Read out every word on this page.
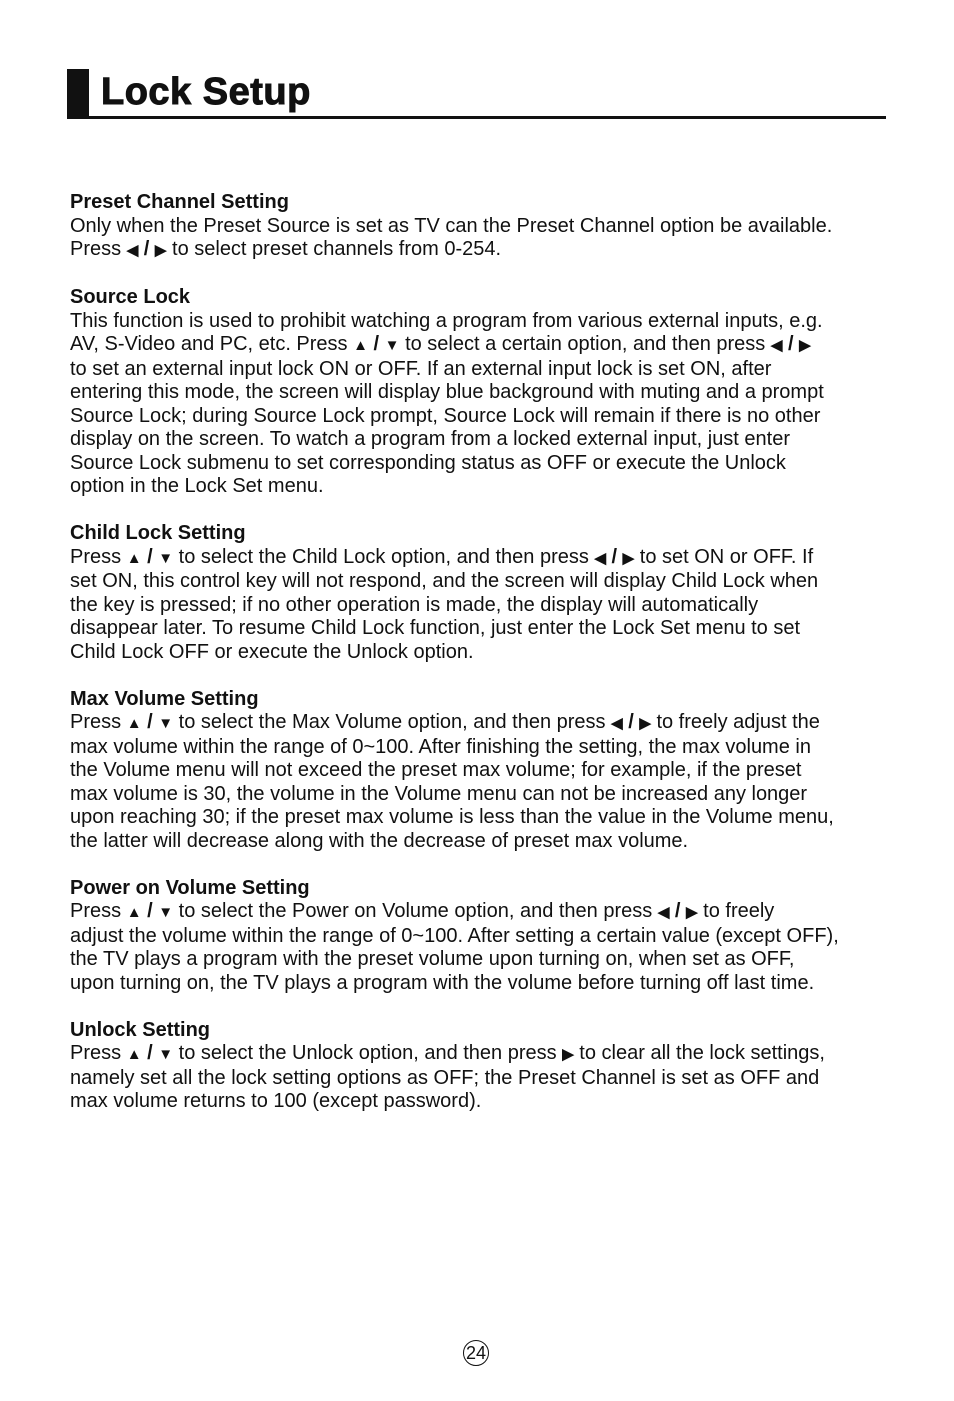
Lock Setup
Preset Channel Setting
Only when the Preset Source is set as TV can the Preset Channel option be available.
Press ◀ / ▶ to select preset channels from 0-254.
Source Lock
This function is used to prohibit watching a program from various external inputs, e.g.
AV, S-Video and PC, etc. Press ▲ / ▼ to select a certain option, and then press ◀ / ▶
to set an external input lock ON or OFF. If an external input lock is set ON, after
entering this mode, the screen will display blue background with muting and a prompt
Source Lock; during Source Lock prompt, Source Lock will remain if there is no other
display on the screen. To watch a program from a locked external input, just enter
Source Lock submenu to set corresponding status as OFF or execute the Unlock
option in the Lock Set menu.
Child Lock Setting
Press ▲ / ▼ to select the Child Lock option, and then press ◀ / ▶ to set ON or OFF. If
set ON, this control key will not respond, and the screen will display Child Lock when
the key is pressed; if no other operation is made, the display will automatically
disappear later. To resume Child Lock function, just enter the Lock Set menu to set
Child Lock OFF or execute the Unlock option.
Max Volume Setting
Press ▲ / ▼ to select the Max Volume option, and then press ◀ / ▶ to freely adjust the
max volume within the range of 0~100. After finishing the setting, the max volume in
the Volume menu will not exceed the preset max volume; for example, if the preset
max volume is 30, the volume in the Volume menu can not be increased any longer
upon reaching 30; if the preset max volume is less than the value in the Volume menu,
the latter will decrease along with the decrease of preset max volume.
Power on Volume Setting
Press ▲ / ▼ to select the Power on Volume option, and then press ◀ / ▶ to freely
adjust the volume within the range of 0~100. After setting a certain value (except OFF),
the TV plays a program with the preset volume upon turning on, when set as OFF,
upon turning on, the TV plays a program with the volume before turning off last time.
Unlock Setting
Press ▲ / ▼ to select the Unlock option, and then press ▶ to clear all the lock settings,
namely set all the lock setting options as OFF; the Preset Channel is set as OFF and
max volume returns to 100 (except password).
24
